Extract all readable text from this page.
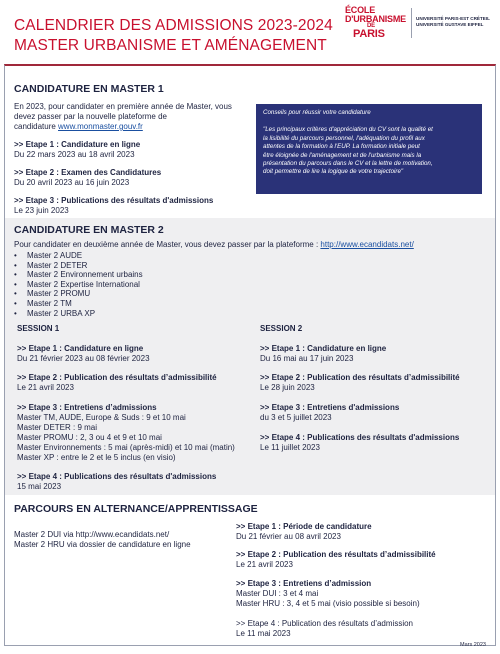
CALENDRIER DES ADMISSIONS 2023-2024
MASTER URBANISME ET AMÉNAGEMENT
ÉCOLE
D'URBANISME
DE
PARIS
UNIVERSITÉ PARIS-EST CRÉTEIL
UNIVERSITÉ GUSTAVE EIFFEL
CANDIDATURE EN MASTER 1
En 2023, pour candidater en première année de Master, vous
devez passer par la nouvelle plateforme de
candidature www.monmaster.gouv.fr
>> Etape 1 : Candidature en ligne
Du 22 mars 2023 au 18 avril 2023
>> Etape 2 : Examen des Candidatures
Du 20 avril 2023 au 16 juin 2023
>> Etape 3 : Publications des résultats d'admissions
Le 23 juin 2023
Conseils pour réussir votre candidature
"Les principaux critères d'appréciation du CV sont la qualité et
la lisibilité du parcours personnel, l'adéquation du profil aux
attentes de la formation à l'EUP. La formation initiale peut
être éloignée de l'aménagement et de l'urbanisme mais la
présentation du parcours dans le CV et la lettre de motivation,
doit permettre de lire la logique de votre trajectoire"
CANDIDATURE EN MASTER 2
Pour candidater en deuxième année de Master, vous devez passer par la plateforme : http://www.ecandidats.net/
• Master 2 AUDE
• Master 2 DETER
• Master 2 Environnement urbains
• Master 2 Expertise International
• Master 2 PROMU
• Master 2 TM
• Master 2 URBA XP
SESSION 1
>> Etape 1 : Candidature en ligne
Du 21 février 2023 au 08 février 2023
>> Etape 2 : Publication des résultats d’admissibilité
Le 21 avril 2023
>> Etape 3 : Entretiens d’admissions
Master TM, AUDE, Europe & Suds : 9 et 10 mai
Master DETER : 9 mai
Master PROMU : 2, 3 ou 4 et 9 et 10 mai
Master Environnements : 5 mai (après-midi) et 10 mai (matin)
Master XP : entre le 2 et le 5 inclus (en visio)
>> Etape 4 : Publications des résultats d'admissions
15 mai 2023
SESSION 2
>> Etape 1 : Candidature en ligne
Du 16 mai au 17 juin 2023
>> Etape 2 : Publication des résultats d’admissibilité
Le 28 juin 2023
>> Etape 3 : Entretiens d'admissions
du 3 et 5 juillet 2023
>> Etape 4 : Publications des résultats d'admissions
Le 11 juillet 2023
PARCOURS EN ALTERNANCE/APPRENTISSAGE
Master 2 DUI via http://www.ecandidats.net/
Master 2 HRU via dossier de candidature en ligne
>> Etape 1 : Période de candidature
Du 21 février au 08 avril 2023
>> Etape 2 : Publication des résultats d’admissibilité
Le 21 avril 2023
>> Etape 3 : Entretiens d’admission
Master DUI : 3 et 4 mai
Master HRU : 3, 4 et 5 mai (visio possible si besoin)
>> Etape 4 : Publication des résultats d’admission
Le 11 mai 2023
Mars 2023
